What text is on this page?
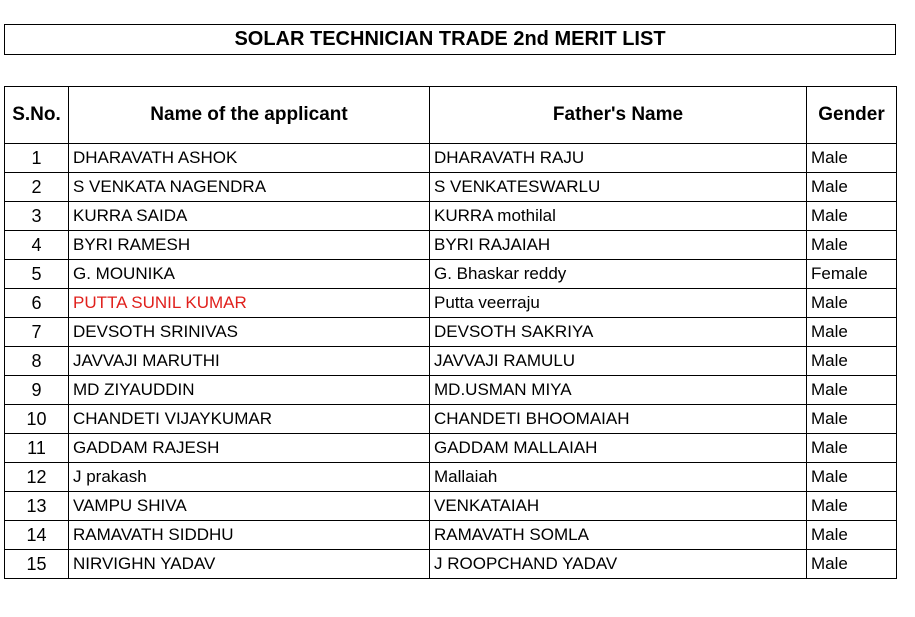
SOLAR TECHNICIAN TRADE 2nd MERIT LIST
S.No.	Name of the applicant	Father's Name	Gender
1	DHARAVATH ASHOK	DHARAVATH RAJU	Male
2	S VENKATA NAGENDRA	S VENKATESWARLU	Male
3	KURRA SAIDA	KURRA mothilal	Male
4	BYRI RAMESH	BYRI RAJAIAH	Male
5	G. MOUNIKA	G. Bhaskar reddy	Female
6	PUTTA SUNIL KUMAR	Putta veerraju	Male
7	DEVSOTH SRINIVAS	DEVSOTH SAKRIYA	Male
8	JAVVAJI MARUTHI	JAVVAJI RAMULU	Male
9	MD ZIYAUDDIN	MD.USMAN MIYA	Male
10	CHANDETI VIJAYKUMAR	CHANDETI BHOOMAIAH	Male
11	GADDAM RAJESH	GADDAM MALLAIAH	Male
12	J prakash	Mallaiah	Male
13	VAMPU SHIVA	VENKATAIAH	Male
14	RAMAVATH SIDDHU	RAMAVATH SOMLA	Male
15	NIRVIGHN YADAV	J ROOPCHAND YADAV	Male
